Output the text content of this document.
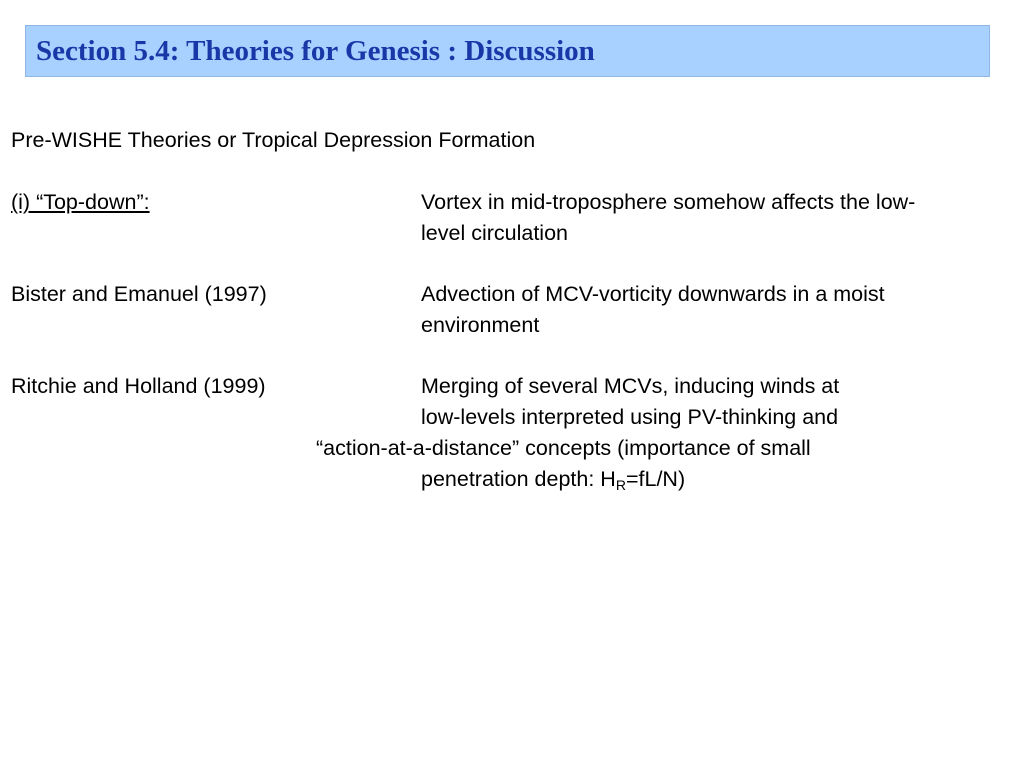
Section 5.4: Theories for Genesis : Discussion
Pre-WISHE Theories or Tropical Depression Formation
(i) “Top-down”:	Vortex in mid-troposphere somehow affects the low-
level circulation
Bister and Emanuel (1997)	Advection of MCV-vorticity downwards in a moist
environment
Ritchie and Holland (1999)	Merging of several MCVs, inducing winds at
low-levels interpreted using PV-thinking and
“action-at-a-distance” concepts (importance of small
penetration depth: $H_R=fL/N$)
